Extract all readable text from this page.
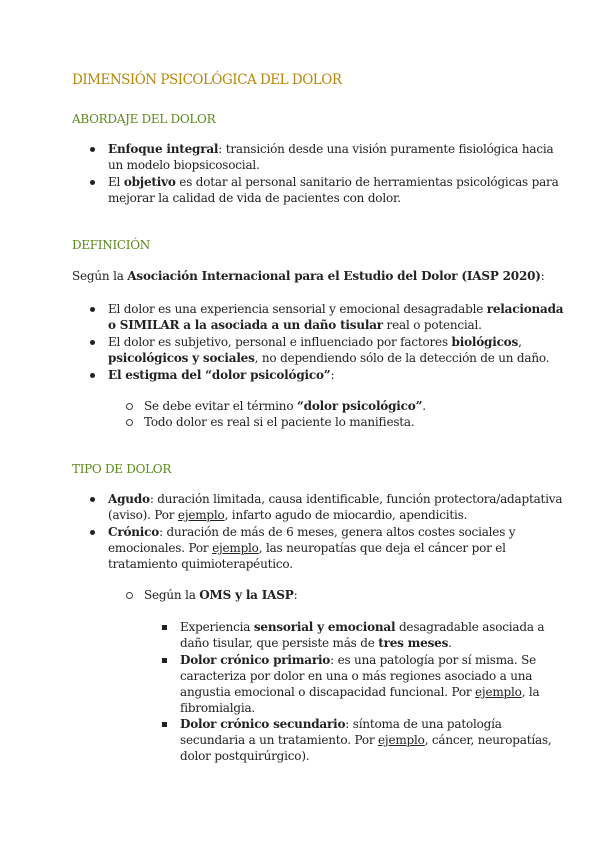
DIMENSIÓN PSICOLÓGICA DEL DOLOR
ABORDAJE DEL DOLOR
Enfoque integral: transición desde una visión puramente fisiológica hacia
un modelo biopsicosocial.
El objetivo es dotar al personal sanitario de herramientas psicológicas para
mejorar la calidad de vida de pacientes con dolor.
DEFINICIÓN
Según la Asociación Internacional para el Estudio del Dolor (IASP 2020):
El dolor es una experiencia sensorial y emocional desagradable relacionada
o SIMILAR a la asociada a un daño tisular real o potencial.
El dolor es subjetivo, personal e influenciado por factores biológicos,
psicológicos y sociales, no dependiendo sólo de la detección de un daño.
El estigma del “dolor psicológico”:
Se debe evitar el término “dolor psicológico”.
Todo dolor es real si el paciente lo manifiesta.
TIPO DE DOLOR
Agudo: duración limitada, causa identificable, función protectora/adaptativa
(aviso). Por ejemplo, infarto agudo de miocardio, apendicitis.
Crónico: duración de más de 6 meses, genera altos costes sociales y
emocionales. Por ejemplo, las neuropatías que deja el cáncer por el
tratamiento quimioterapéutico.
Según la OMS y la IASP:
Experiencia sensorial y emocional desagradable asociada a
daño tisular, que persiste más de tres meses.
Dolor crónico primario: es una patología por sí misma. Se
caracteriza por dolor en una o más regiones asociado a una
angustia emocional o discapacidad funcional. Por ejemplo, la
fibromialgia.
Dolor crónico secundario: síntoma de una patología
secundaria a un tratamiento. Por ejemplo, cáncer, neuropatías,
dolor postquirúrgico).
